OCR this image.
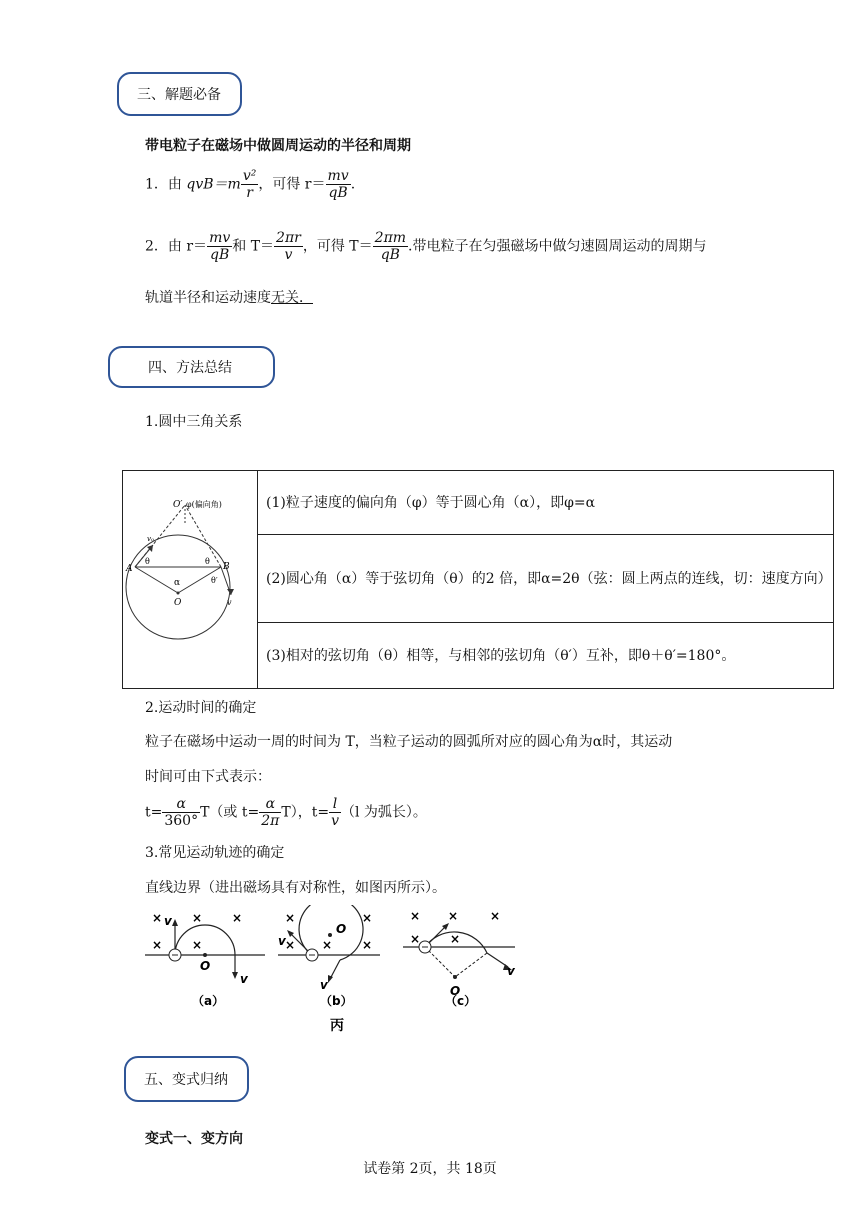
三、解题必备
带电粒子在磁场中做圆周运动的半径和周期
1．由 $qvB=m \frac{\text{v²}}{r}$ ，可得 $r= \frac{mv}{qB}$ .
2．由 $r= \frac{mv}{qB}$ 和 $T= \frac{2\pi r}{v}$ ，可得 $T= \frac{2\pi m}{qB}$ .带电粒子在匀强磁场中做匀速圆周运动的周期与
轨道半径和运动速度无关．
四、方法总结
1.圆中三角关系
O′ φ(偏向角)
v₀
A	B
θ	θ
α
O
θ′
v
	(1)粒子速度的偏向角（φ）等于圆心角（α），即φ=α
(2)圆心角（α）等于弦切角（θ）的2 倍，即α=2θ（弦：圆上两点的连线，切：速度方向）
(3)相对的弦切角（θ）相等，与相邻的弦切角（θ′）互补，即θ＋θ′=180°。
2.运动时间的确定
粒子在磁场中运动一周的时间为 T，当粒子运动的圆弧所对应的圆心角为α时，其运动
时间可由下式表示：
$t= \frac{\alpha}{360^\circ} T$（或 $t= \frac{\alpha}{2\pi} T$），$t= \frac{l}{v} (l$ 为弧长）。
3.常见运动轨迹的确定
直线边界（进出磁场具有对称性，如图丙所示）。
× × ×
× ×
v
v
O
（a）
×	×
× × ×
v
v
O
（b）
丙
× ×	×
× ×
v
O
（c）
五、变式归纳
变式一、变方向
试卷第 2页，共 18页
